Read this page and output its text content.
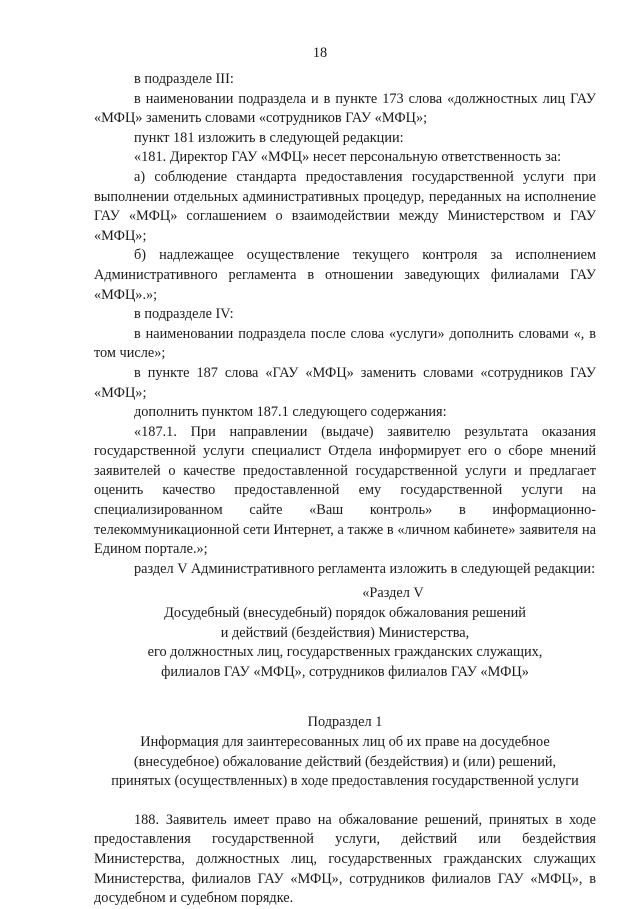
18

в подразделе III:

в наименовании подраздела и в пункте 173 слова «должностных лиц ГАУ «МФЦ» заменить словами «сотрудников ГАУ «МФЦ»;

пункт 181 изложить в следующей редакции:

«181. Директор ГАУ «МФЦ» несет персональную ответственность за:

а) соблюдение стандарта предоставления государственной услуги при выполнении отдельных административных процедур, переданных на исполнение ГАУ «МФЦ» соглашением о взаимодействии между Министерством и ГАУ «МФЦ»;

б) надлежащее осуществление текущего контроля за исполнением Административного регламента в отношении заведующих филиалами ГАУ «МФЦ».»;

в подразделе IV:

в наименовании подраздела после слова «услуги» дополнить словами «, в том числе»;

в пункте 187 слова «ГАУ «МФЦ» заменить словами «сотрудников ГАУ «МФЦ»;

дополнить пунктом 187.1 следующего содержания:

«187.1. При направлении (выдаче) заявителю результата оказания государственной услуги специалист Отдела информирует его о сборе мнений заявителей о качестве предоставленной государственной услуги и предлагает оценить качество предоставленной ему государственной услуги на специализированном сайте «Ваш контроль» в информационно-телекоммуникационной сети Интернет, а также в «личном кабинете» заявителя на Едином портале.»;

раздел V Административного регламента изложить в следующей редакции:

«Раздел V

Досудебный (внесудебный) порядок обжалования решений

и действий (бездействия) Министерства,

его должностных лиц, государственных гражданских служащих,

филиалов ГАУ «МФЦ», сотрудников филиалов ГАУ «МФЦ»

Подраздел 1

Информация для заинтересованных лиц об их праве на досудебное

(внесудебное) обжалование действий (бездействия) и (или) решений,

принятых (осуществленных) в ходе предоставления государственной услуги

188. Заявитель имеет право на обжалование решений, принятых в ходе предоставления государственной услуги, действий или бездействия Министерства, должностных лиц, государственных гражданских служащих Министерства, филиалов ГАУ «МФЦ», сотрудников филиалов ГАУ «МФЦ», в досудебном и судебном порядке.
